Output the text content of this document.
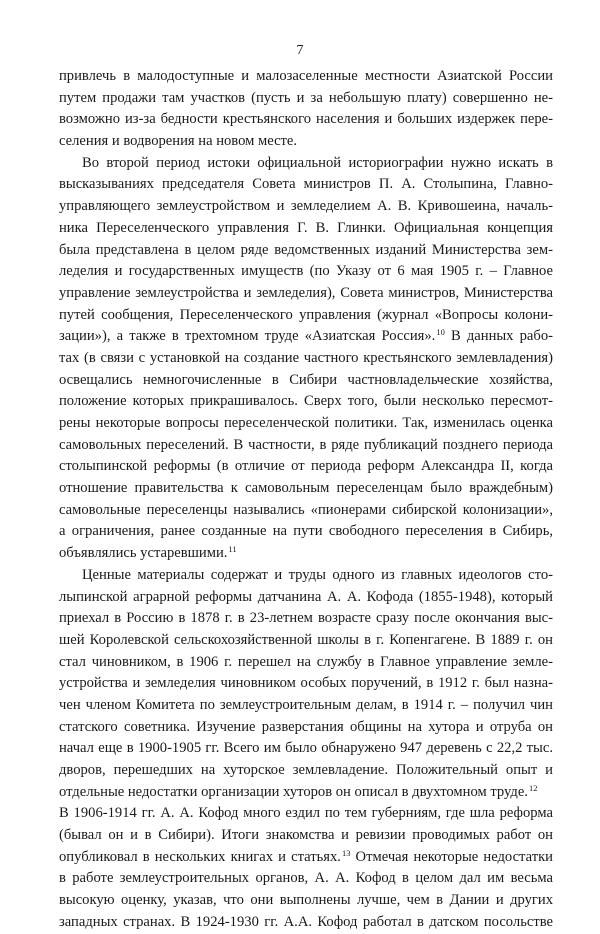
7
привлечь в малодоступные и малозаселенные местности Азиатской России
путем продажи там участков (пусть и за небольшую плату) совершенно не-
возможно из-за бедности крестьянского населения и больших издержек пере-
селения и водворения на новом месте.
Во второй период истоки официальной историографии нужно искать в
высказываниях председателя Совета министров П. А. Столыпина, Главно-
управляющего землеустройством и земледелием А. В. Кривошеина, началь-
ника Переселенческого управления Г. В. Глинки. Официальная концепция
была представлена в целом ряде ведомственных изданий Министерства зем-
леделия и государственных имуществ (по Указу от 6 мая 1905 г. – Главное
управление землеустройства и земледелия), Совета министров, Министерства
путей сообщения, Переселенческого управления (журнал «Вопросы колони-
зации»), а также в трехтомном труде «Азиатская Россия».$^{10}$ В данных рабо-
тах (в связи с установкой на создание частного крестьянского землевладения)
освещались немногочисленные в Сибири частновладельческие хозяйства,
положение которых прикрашивалось. Сверх того, были несколько пересмот-
рены некоторые вопросы переселенческой политики. Так, изменилась оценка
самовольных переселений. В частности, в ряде публикаций позднего периода
столыпинской реформы (в отличие от периода реформ Александра II, когда
отношение правительства к самовольным переселенцам было враждебным)
самовольные переселенцы назывались «пионерами сибирской колонизации»,
а ограничения, ранее созданные на пути свободного переселения в Сибирь,
объявлялись устаревшими.$^{11}$
Ценные материалы содержат и труды одного из главных идеологов сто-
лыпинской аграрной реформы датчанина А. А. Кофода (1855-1948), который
приехал в Россию в 1878 г. в 23-летнем возрасте сразу после окончания выс-
шей Королевской сельскохозяйственной школы в г. Копенгагене. В 1889 г. он
стал чиновником, в 1906 г. перешел на службу в Главное управление земле-
устройства и земледелия чиновником особых поручений, в 1912 г. был назна-
чен членом Комитета по землеустроительным делам, в 1914 г. – получил чин
статского советника. Изучение разверстания общины на хутора и отруба он
начал еще в 1900-1905 гг. Всего им было обнаружено 947 деревень с 22,2 тыс.
дворов, перешедших на хуторское землевладение. Положительный опыт и
отдельные недостатки организации хуторов он описал в двухтомном труде.$^{12}$
В 1906-1914 гг. А. А. Кофод много ездил по тем губерниям, где шла реформа
(бывал он и в Сибири). Итоги знакомства и ревизии проводимых работ он
опубликовал в нескольких книгах и статьях.$^{13}$ Отмечая некоторые недостатки
в работе землеустроительных органов, А. А. Кофод в целом дал им весьма
высокую оценку, указав, что они выполнены лучше, чем в Дании и других
западных странах. В 1924-1930 гг. А.А. Кофод работал в датском посольстве
